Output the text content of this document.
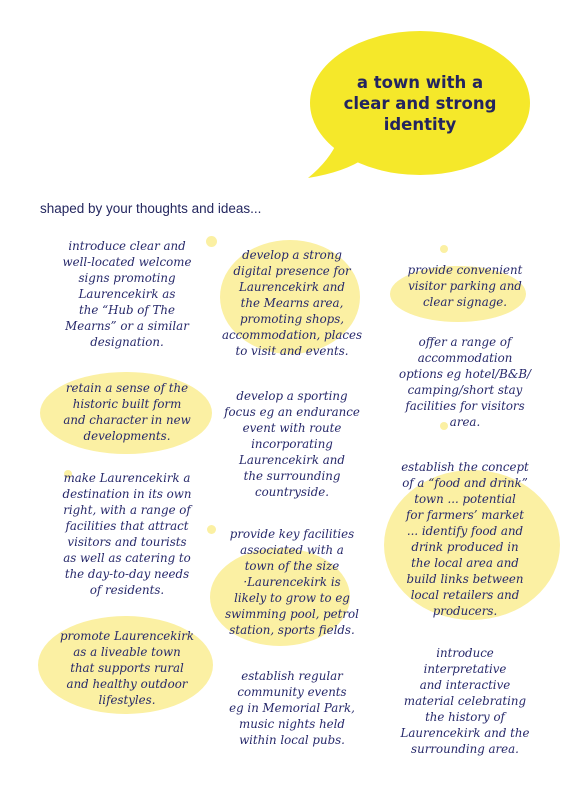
a town with a
clear and strong
identity
shaped by your thoughts and ideas...
introduce clear and
well-located welcome
signs promoting
Laurencekirk as
the “Hub of The
Mearns” or a similar
designation.
retain a sense of the
historic built form
and character in new
developments.
make Laurencekirk a
destination in its own
right, with a range of
facilities that attract
visitors and tourists
as well as catering to
the day-to-day needs
of residents.
promote Laurencekirk
as a liveable town
that supports rural
and healthy outdoor
lifestyles.
develop a strong
digital presence for
Laurencekirk and
the Mearns area,
promoting shops,
accommodation, places
to visit and events.
develop a sporting
focus eg an endurance
event with route
incorporating
Laurencekirk and
the surrounding
countryside.
provide key facilities
associated with a
town of the size
·Laurencekirk is
likely to grow to eg
swimming pool, petrol
station, sports fields.
establish regular
community events
eg in Memorial Park,
music nights held
within local pubs.
provide convenient
visitor parking and
clear signage.
offer a range of
accommodation
options eg hotel/B&B/
camping/short stay
facilities for visitors
area.
establish the concept
of a “food and drink”
town ... potential
for farmers’ market
... identify food and
drink produced in
the local area and
build links between
local retailers and
producers.
introduce
interpretative
and interactive
material celebrating
the history of
Laurencekirk and the
surrounding area.
